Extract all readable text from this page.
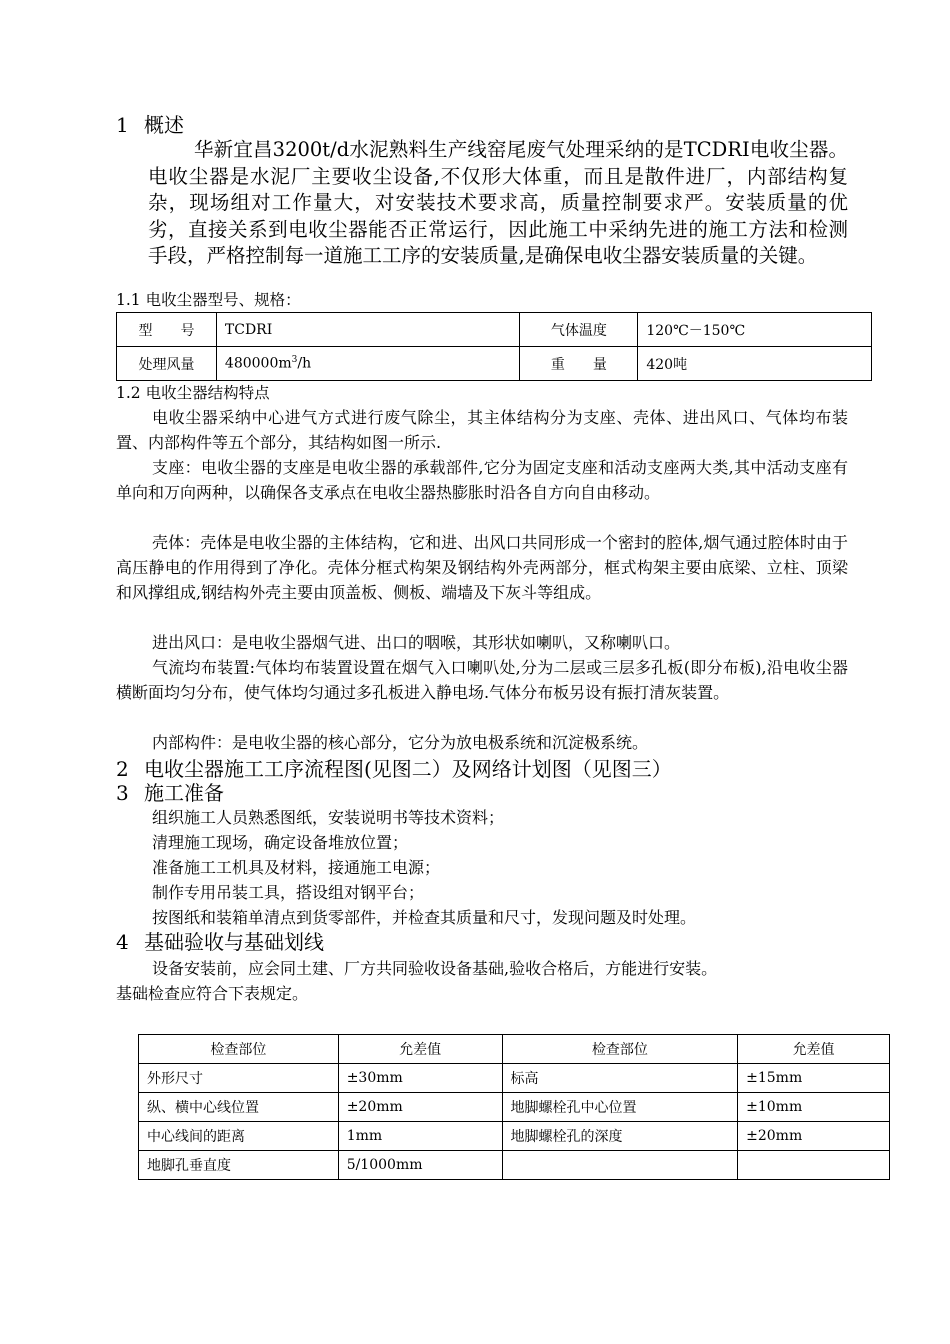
1 概述
华新宜昌3200t/d水泥熟料生产线窑尾废气处理采纳的是TCDRI电收尘器。电收尘器是水泥厂主要收尘设备,不仅形大体重，而且是散件进厂，内部结构复杂，现场组对工作量大，对安装技术要求高，质量控制要求严。安装质量的优劣，直接关系到电收尘器能否正常运行，因此施工中采纳先进的施工方法和检测手段，严格控制每一道施工工序的安装质量,是确保电收尘器安装质量的关键。
1.1 电收尘器型号、规格：
型　　号	TCDRI	气体温度	120℃－150℃
处理风量	$480000m^3/h$	重　　量	420吨
1.2 电收尘器结构特点
电收尘器采纳中心进气方式进行废气除尘，其主体结构分为支座、壳体、进出风口、气体均布装置、内部构件等五个部分，其结构如图一所示.
支座：电收尘器的支座是电收尘器的承载部件,它分为固定支座和活动支座两大类,其中活动支座有单向和万向两种，以确保各支承点在电收尘器热膨胀时沿各自方向自由移动。
壳体：壳体是电收尘器的主体结构，它和进、出风口共同形成一个密封的腔体,烟气通过腔体时由于高压静电的作用得到了净化。壳体分框式构架及钢结构外壳两部分，框式构架主要由底梁、立柱、顶梁和风撑组成,钢结构外壳主要由顶盖板、侧板、端墙及下灰斗等组成。
进出风口：是电收尘器烟气进、出口的咽喉，其形状如喇叭，又称喇叭口。
气流均布装置:气体均布装置设置在烟气入口喇叭处,分为二层或三层多孔板(即分布板),沿电收尘器横断面均匀分布，使气体均匀通过多孔板进入静电场.气体分布板另设有振打清灰装置。
内部构件：是电收尘器的核心部分，它分为放电极系统和沉淀极系统。
2 电收尘器施工工序流程图(见图二）及网络计划图（见图三）
3 施工准备
组织施工人员熟悉图纸，安装说明书等技术资料；
清理施工现场，确定设备堆放位置；
准备施工工机具及材料，接通施工电源；
制作专用吊装工具，搭设组对钢平台；
按图纸和装箱单清点到货零部件，并检查其质量和尺寸，发现问题及时处理。
4 基础验收与基础划线
设备安装前，应会同土建、厂方共同验收设备基础,验收合格后，方能进行安装。
基础检查应符合下表规定。
检查部位	允差值	检查部位	允差值
外形尺寸	±30mm	标高	±15mm
纵、横中心线位置	±20mm	地脚螺栓孔中心位置	±10mm
中心线间的距离	1mm	地脚螺栓孔的深度	±20mm
地脚孔垂直度	5/1000mm		
